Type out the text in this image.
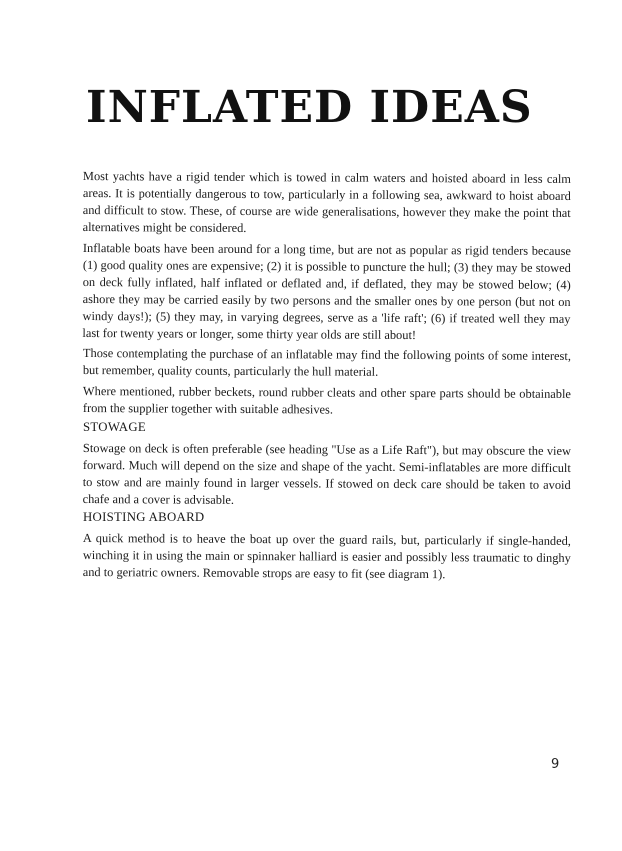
INFLATED IDEAS

Most yachts have a rigid tender which is towed in calm waters and hoisted aboard in less calm areas. It is potentially dangerous to tow, particularly in a following sea, awkward to hoist aboard and difficult to stow. These, of course are wide generalisations, however they make the point that alternatives might be considered.

Inflatable boats have been around for a long time, but are not as popular as rigid tenders because (1) good quality ones are expensive; (2) it is possible to puncture the hull; (3) they may be stowed on deck fully inflated, half inflated or deflated and, if deflated, they may be stowed below; (4) ashore they may be carried easily by two persons and the smaller ones by one person (but not on windy days!); (5) they may, in varying degrees, serve as a 'life raft'; (6) if treated well they may last for twenty years or longer, some thirty year olds are still about!

Those contemplating the purchase of an inflatable may find the following points of some interest, but remember, quality counts, particularly the hull material.

Where mentioned, rubber beckets, round rubber cleats and other spare parts should be obtainable from the supplier together with suitable adhesives.

STOWAGE

Stowage on deck is often preferable (see heading "Use as a Life Raft"), but may obscure the view forward. Much will depend on the size and shape of the yacht. Semi-inflatables are more difficult to stow and are mainly found in larger vessels. If stowed on deck care should be taken to avoid chafe and a cover is advisable.

HOISTING ABOARD

A quick method is to heave the boat up over the guard rails, but, particularly if single-handed, winching it in using the main or spinnaker halliard is easier and possibly less traumatic to dinghy and to geriatric owners. Removable strops are easy to fit (see diagram 1).

9
